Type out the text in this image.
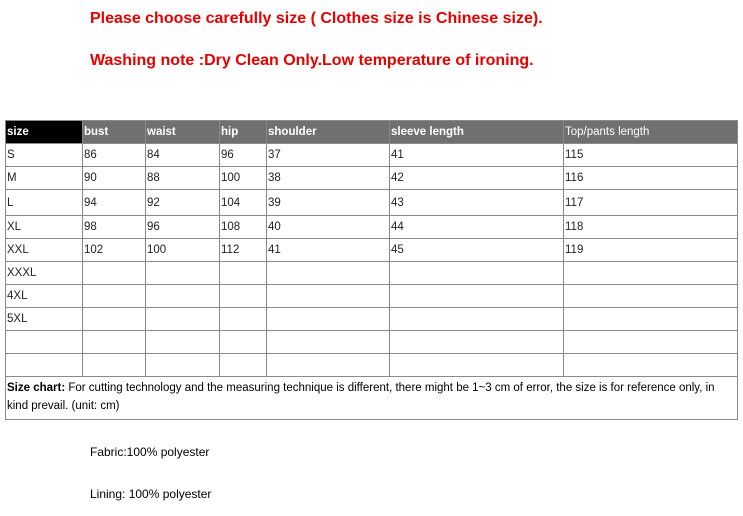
Please choose carefully size ( Clothes size is Chinese size).
Washing note :Dry Clean Only.Low temperature of ironing.
size	bust	waist	hip	shoulder	sleeve length	Top/pants length
S	86	84	96	37	41	115
M	90	88	100	38	42	116
L	94	92	104	39	43	117
XL	98	96	108	40	44	118
XXL	102	100	112	41	45	119
XXXL						
4XL						
5XL						

Size chart: For cutting technology and the measuring technique is different, there might be 1~3 cm of error, the size is for reference only, in kind prevail. (unit: cm)						
Fabric:100% polyester
Lining: 100% polyester
